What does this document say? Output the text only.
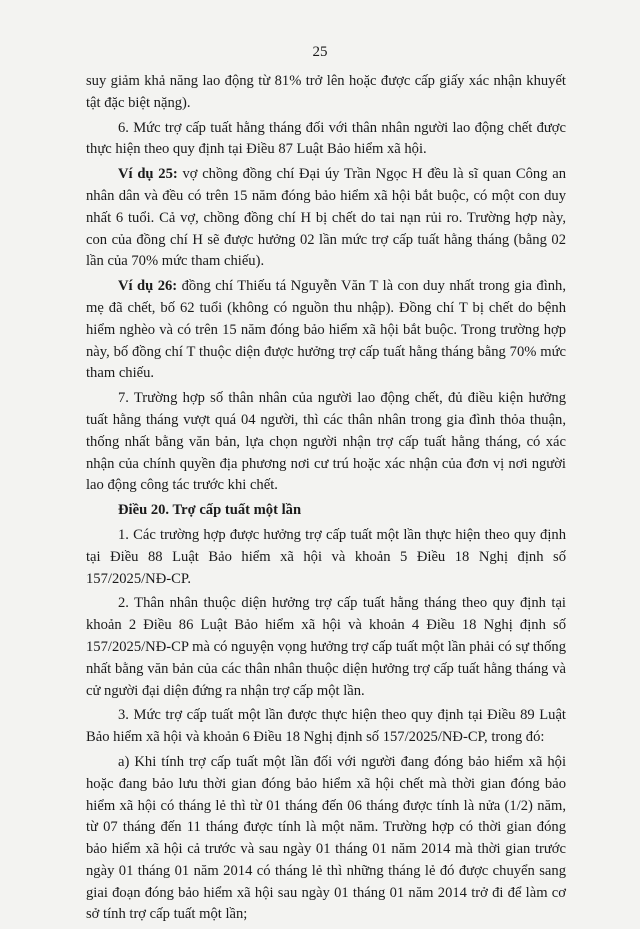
25

suy giảm khả năng lao động từ 81% trở lên hoặc được cấp giấy xác nhận khuyết tật đặc biệt nặng).

6. Mức trợ cấp tuất hằng tháng đối với thân nhân người lao động chết được thực hiện theo quy định tại Điều 87 Luật Bảo hiểm xã hội.

Ví dụ 25: vợ chồng đồng chí Đại úy Trần Ngọc H đều là sĩ quan Công an nhân dân và đều có trên 15 năm đóng bảo hiểm xã hội bắt buộc, có một con duy nhất 6 tuổi. Cả vợ, chồng đồng chí H bị chết do tai nạn rủi ro. Trường hợp này, con của đồng chí H sẽ được hưởng 02 lần mức trợ cấp tuất hằng tháng (bằng 02 lần của 70% mức tham chiếu).

Ví dụ 26: đồng chí Thiếu tá Nguyễn Văn T là con duy nhất trong gia đình, mẹ đã chết, bố 62 tuổi (không có nguồn thu nhập). Đồng chí T bị chết do bệnh hiểm nghèo và có trên 15 năm đóng bảo hiểm xã hội bắt buộc. Trong trường hợp này, bố đồng chí T thuộc diện được hưởng trợ cấp tuất hằng tháng bằng 70% mức tham chiếu.

7. Trường hợp số thân nhân của người lao động chết, đủ điều kiện hưởng tuất hằng tháng vượt quá 04 người, thì các thân nhân trong gia đình thỏa thuận, thống nhất bằng văn bản, lựa chọn người nhận trợ cấp tuất hằng tháng, có xác nhận của chính quyền địa phương nơi cư trú hoặc xác nhận của đơn vị nơi người lao động công tác trước khi chết.

Điều 20. Trợ cấp tuất một lần

1. Các trường hợp được hưởng trợ cấp tuất một lần thực hiện theo quy định tại Điều 88 Luật Bảo hiểm xã hội và khoản 5 Điều 18 Nghị định số 157/2025/NĐ-CP.

2. Thân nhân thuộc diện hưởng trợ cấp tuất hằng tháng theo quy định tại khoản 2 Điều 86 Luật Bảo hiểm xã hội và khoản 4 Điều 18 Nghị định số 157/2025/NĐ-CP mà có nguyện vọng hưởng trợ cấp tuất một lần phải có sự thống nhất bằng văn bản của các thân nhân thuộc diện hưởng trợ cấp tuất hằng tháng và cử người đại diện đứng ra nhận trợ cấp một lần.

3. Mức trợ cấp tuất một lần được thực hiện theo quy định tại Điều 89 Luật Bảo hiểm xã hội và khoản 6 Điều 18 Nghị định số 157/2025/NĐ-CP, trong đó:

a) Khi tính trợ cấp tuất một lần đối với người đang đóng bảo hiểm xã hội hoặc đang bảo lưu thời gian đóng bảo hiểm xã hội chết mà thời gian đóng bảo hiểm xã hội có tháng lẻ thì từ 01 tháng đến 06 tháng được tính là nửa (1/2) năm, từ 07 tháng đến 11 tháng được tính là một năm. Trường hợp có thời gian đóng bảo hiểm xã hội cả trước và sau ngày 01 tháng 01 năm 2014 mà thời gian trước ngày 01 tháng 01 năm 2014 có tháng lẻ thì những tháng lẻ đó được chuyển sang giai đoạn đóng bảo hiểm xã hội sau ngày 01 tháng 01 năm 2014 trở đi để làm cơ sở tính trợ cấp tuất một lần;
